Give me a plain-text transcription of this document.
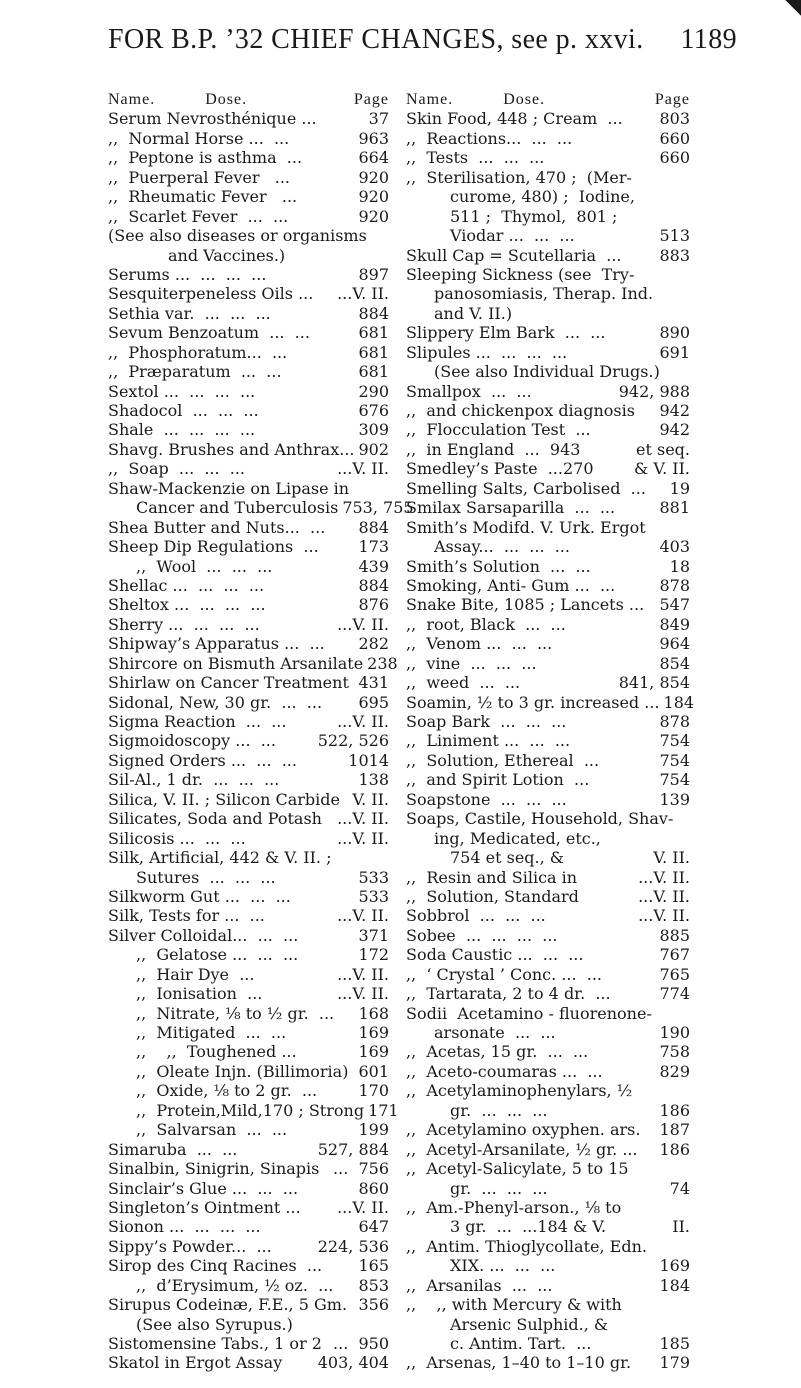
FOR B.P. ’32 CHIEF CHANGES, see p. xxvi. 1189
Name.          Dose.	Page
Serum Nevrosthénique ...	37
,,  Normal Horse ...  ...	963
,,  Peptone is asthma  ...	664
,,  Puerperal Fever   ...	920
,,  Rheumatic Fever   ...	920
,,  Scarlet Fever  ...  ...	920
(See also diseases or organisms
and Vaccines.)
Serums ...  ...  ...  ...	897
Sesquiterpeneless Oils ... ...V. II.
Sethia var.  ...  ...  ...	884
Sevum Benzoatum  ...  ...	681
,,  Phosphoratum...  ...	681
,,  Præparatum  ...  ...	681
Sextol ...  ...  ...  ...	290
Shadocol  ...  ...  ...	676
Shale  ...  ...  ...  ...	309
Shavg. Brushes and Anthrax... 902
,,  Soap  ...  ...  ...	...V. II.
Shaw-Mackenzie on Lipase in
Cancer and Tuberculosis 753, 755
Shea Butter and Nuts...  ... 884
Sheep Dip Regulations  ... 173
,,  Wool  ...  ...  ...	439
Shellac ...  ...  ...  ...	884
Sheltox ...  ...  ...  ...	876
Sherry ...  ...  ...  ...	...V. II.
Shipway’s Apparatus ...  ... 282
Shircore on Bismuth Arsanilate 238
Shirlaw on Cancer Treatment 431
Sidonal, New, 30 gr.  ...  ... 695
Sigma Reaction  ...  ...	...V. II.
Sigmoidoscopy ...  ...	522, 526
Signed Orders ...  ...  ...	1014
Sil-Al., 1 dr.  ...  ...  ...	138
Silica, V. II. ; Silicon Carbide V. II.
Silicates, Soda and Potash ...V. II.
Silicosis ...  ...  ...	...V. II.
Silk, Artificial, 442 & V. II. ;
Sutures  ...  ...  ...	533
Silkworm Gut ...  ...  ...	533
Silk, Tests for ...  ...	...V. II.
Silver Colloidal...  ...  ...	371
,,  Gelatose ...  ...  ...	172
,,  Hair Dye  ...	...V. II.
,,  Ionisation  ...	...V. II.
,,  Nitrate, ⅛ to ½ gr.  ... 168
,,  Mitigated  ...  ...	169
,,    ,,  Toughened ...	169
,,  Oleate Injn. (Billimoria) 601
,,  Oxide, ⅛ to 2 gr.  ...	170
,,  Protein,Mild,170 ; Strong 171
,,  Salvarsan  ...  ...	199
Simaruba  ...  ...	527, 884
Sinalbin, Sinigrin, Sinapis ...  756
Sinclair’s Glue ...  ...  ...	860
Singleton’s Ointment ... ...V. II.
Sionon ...  ...  ...  ...	647
Sippy’s Powder...  ...	224, 536
Sirop des Cinq Racines  ... 165
,,  d’Erysimum, ½ oz.  ... 853
Sirupus Codeinæ, F.E., 5 Gm. 356
(See also Syrupus.)
Sistomensine Tabs., 1 or 2 ...  950
Skatol in Ergot Assay 403, 404
Name.          Dose.	Page
Skin Food, 448 ; Cream  ... 803
,,  Reactions...  ...  ...	660
,,  Tests  ...  ...  ...	660
,,  Sterilisation, 470 ;  (Mer-
curome, 480) ;  Iodine,
511 ;  Thymol,  801 ;
Viodar ...  ...  ...	513
Skull Cap = Scutellaria  ... 883
Sleeping Sickness (see  Try-
panosomiasis, Therap. Ind.
and V. II.)
Slippery Elm Bark  ...  ...	890
Slipules ...  ...  ...  ...	691
(See also Individual Drugs.)
Smallpox  ...  ...	942, 988
,,  and chickenpox diagnosis 942
,,  Flocculation Test  ...	942
,,  in England  ...  943	et seq.
Smedley’s Paste  ...270	& V. II.
Smelling Salts, Carbolised  ... 19
Smilax Sarsaparilla  ...  ...	881
Smith’s Modifd. V. Urk. Ergot
Assay...  ...  ...  ...	403
Smith’s Solution  ...  ...	18
Smoking, Anti- Gum ...  ...	878
Snake Bite, 1085 ; Lancets ... 547
,,  root, Black  ...  ...	849
,,  Venom ...  ...  ...	964
,,  vine  ...  ...  ...	854
,,  weed  ...  ...	841, 854
Soamin, ½ to 3 gr. increased ... 184
Soap Bark  ...  ...  ...	878
,,  Liniment ...  ...  ...	754
,,  Solution, Ethereal  ...	754
,,  and Spirit Lotion  ...	754
Soapstone  ...  ...  ...	139
Soaps, Castile, Household, Shav-
ing, Medicated, etc.,
754 et seq., &	V. II.
,,  Resin and Silica in	...V. II.
,,  Solution, Standard	...V. II.
Sobbrol  ...  ...  ...	...V. II.
Sobee  ...  ...  ...  ...	885
Soda Caustic ...  ...  ...	767
,,  ‘ Crystal ’ Conc. ...  ...	765
,,  Tartarata, 2 to 4 dr.  ...	774
Sodii  Acetamino - fluorenone-
arsonate  ...  ...	190
,,  Acetas, 15 gr.  ...  ...	758
,,  Aceto-coumaras ...  ...	829
,,  Acetylaminophenylars, ½
gr.  ...  ...  ...	186
,,  Acetylamino oxyphen. ars. 187
,,  Acetyl-Arsanilate, ½ gr. ... 186
,,  Acetyl-Salicylate, 5 to 15
gr.  ...  ...  ...	74
,,  Am.-Phenyl-arson., ⅛ to
3 gr.  ...  ...184 & V.	II.
,,  Antim. Thioglycollate, Edn.
XIX. ...  ...  ...	169
,,  Arsanilas  ...  ...	184
,,    ,, with Mercury & with
Arsenic Sulphid., &
c. Antim. Tart.  ...	185
,,  Arsenas, 1–40 to 1–10 gr. 179
